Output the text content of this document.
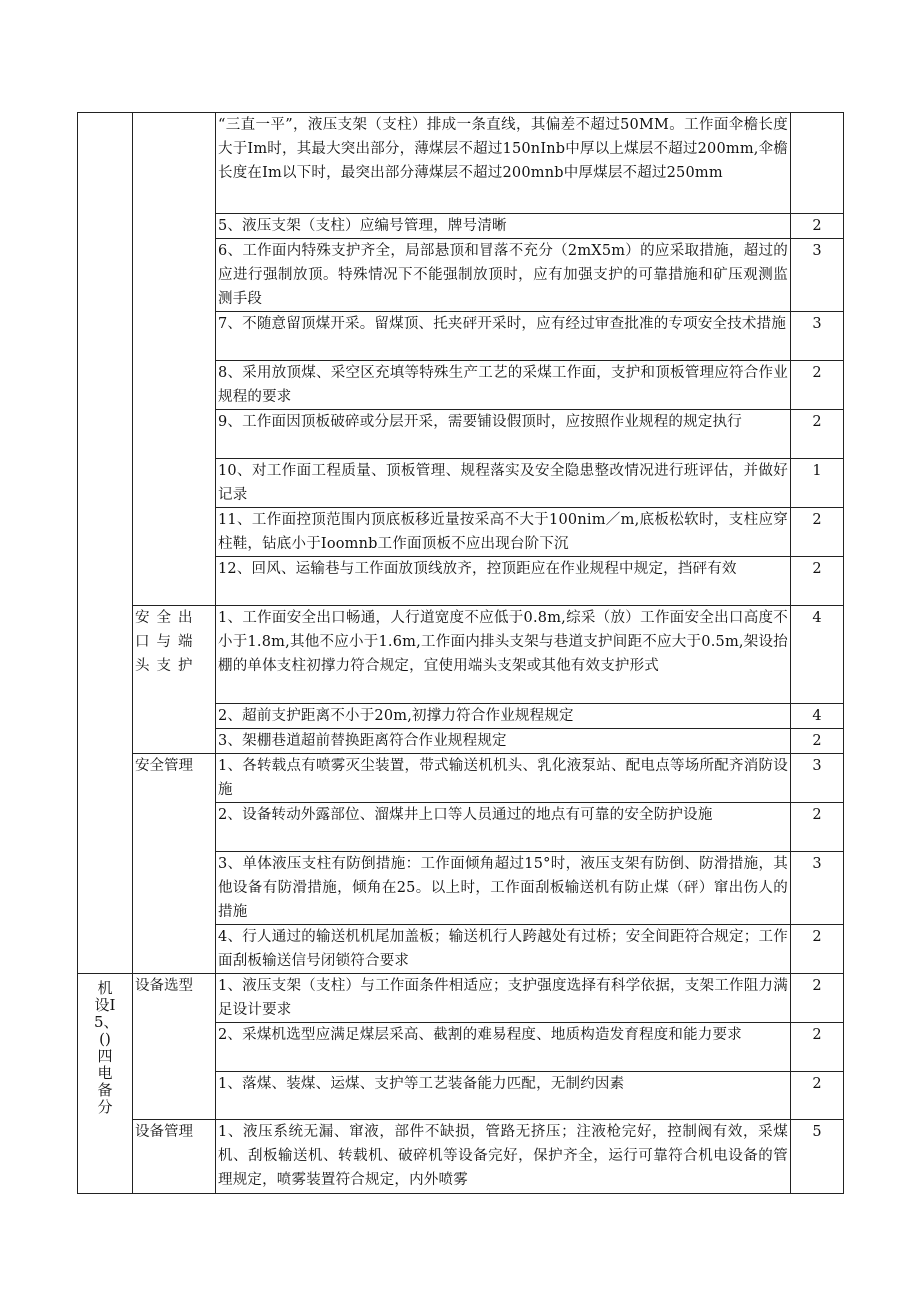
		“三直一平”，液压支架（支柱）排成一条直线，其偏差不超过50MM。工作面伞檐长度大于Im时，其最大突出部分，薄煤层不超过150nInb中厚以上煤层不超过200mm,伞檐长度在Im以下时，最突出部分薄煤层不超过200mnb中厚煤层不超过250mm	
		5、液压支架（支柱）应编号管理，牌号清晰	2
		6、工作面内特殊支护齐全，局部悬顶和冒落不充分（2mX5m）的应采取措施，超过的应进行强制放顶。特殊情况下不能强制放顶时，应有加强支护的可靠措施和矿压观测监测手段	3
		7、不随意留顶煤开采。留煤顶、托夹砰开采时，应有经过审查批准的专项安全技术措施	3
		8、采用放顶煤、采空区充填等特殊生产工艺的采煤工作面，支护和顶板管理应符合作业规程的要求	2
		9、工作面因顶板破碎或分层开采，需要铺设假顶时，应按照作业规程的规定执行	2
		10、对工作面工程质量、顶板管理、规程落实及安全隐患整改情况进行班评估，并做好记录	1
		11、工作面控顶范围内顶底板移近量按采高不大于100nim／m,底板松软时，支柱应穿柱鞋，钻底小于Ioomnb工作面顶板不应出现台阶下沉	2
		12、回风、运输巷与工作面放顶线放齐，控顶距应在作业规程中规定，挡砰有效	2
	安全出口与端头支护	1、工作面安全出口畅通，人行道宽度不应低于0.8m,综采（放）工作面安全出口高度不小于1.8m,其他不应小于1.6m,工作面内排头支架与巷道支护间距不应大于0.5m,架设抬棚的单体支柱初撑力符合规定，宜使用端头支架或其他有效支护形式	4
		2、超前支护距离不小于20m,初撑力符合作业规程规定	4
		3、架棚巷道超前替换距离符合作业规程规定	2
	安全管理	1、各转载点有喷雾灭尘装置，带式输送机机头、乳化液泵站、配电点等场所配齐消防设施	3
		2、设备转动外露部位、溜煤井上口等人员通过的地点有可靠的安全防护设施	2
		3、单体液压支柱有防倒措施：工作面倾角超过15°时，液压支架有防倒、防滑措施，其他设备有防滑措施，倾角在25。以上时，工作面刮板输送机有防止煤（砰）窜出伤人的措施	3
		4、行人通过的输送机机尾加盖板；输送机行人跨越处有过桥；安全间距符合规定；工作面刮板输送信号闭锁符合要求	2

机设I5、()四电备分	设备选型	1、液压支架（支柱）与工作面条件相适应；支护强度选择有科学依据，支架工作阻力满足设计要求	2
		2、采煤机选型应满足煤层采高、截割的难易程度、地质构造发育程度和能力要求	2
		1、落煤、装煤、运煤、支护等工艺装备能力匹配，无制约因素	2
	设备管理	1、液压系统无漏、窜液，部件不缺损，管路无挤压；注液枪完好，控制阀有效，采煤机、刮板输送机、转载机、破碎机等设备完好，保护齐全，运行可靠符合机电设备的管理规定，喷雾装置符合规定，内外喷雾	5
